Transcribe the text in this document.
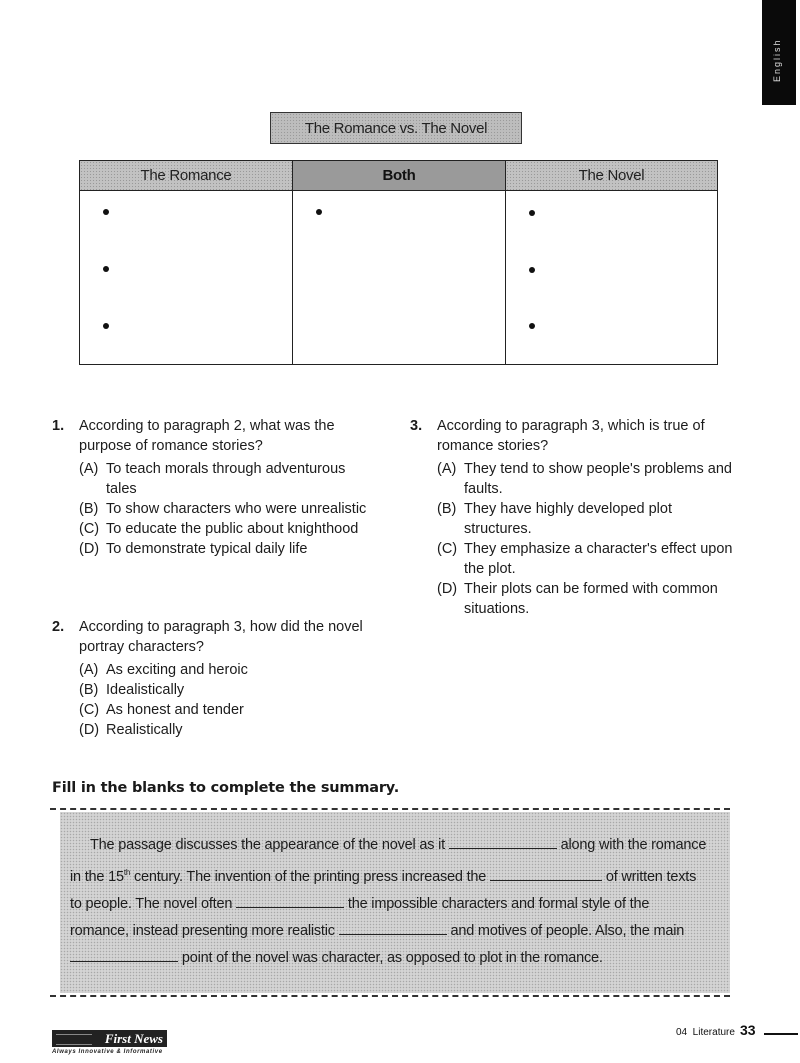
English
The Romance vs. The Novel
The Romance	Both	The Novel
1. According to paragraph 2, what was the purpose of romance stories?
(A) To teach morals through adventurous tales
(B) To show characters who were unrealistic
(C) To educate the public about knighthood
(D) To demonstrate typical daily life
2. According to paragraph 3, how did the novel portray characters?
(A) As exciting and heroic
(B) Idealistically
(C) As honest and tender
(D) Realistically
3. According to paragraph 3, which is true of romance stories?
(A) They tend to show people's problems and faults.
(B) They have highly developed plot structures.
(C) They emphasize a character's effect upon the plot.
(D) Their plots can be formed with common situations.
Fill in the blanks to complete the summary.
The passage discusses the appearance of the novel as it	along with the romance in the 15th century. The invention of the printing press increased the	of written texts to people. The novel often	the impossible characters and formal style of the romance, instead presenting more realistic	and motives of people. Also, the main  point of the novel was character, as opposed to plot in the romance.
First News
Always Innovative & Informative
04  Literature 33
